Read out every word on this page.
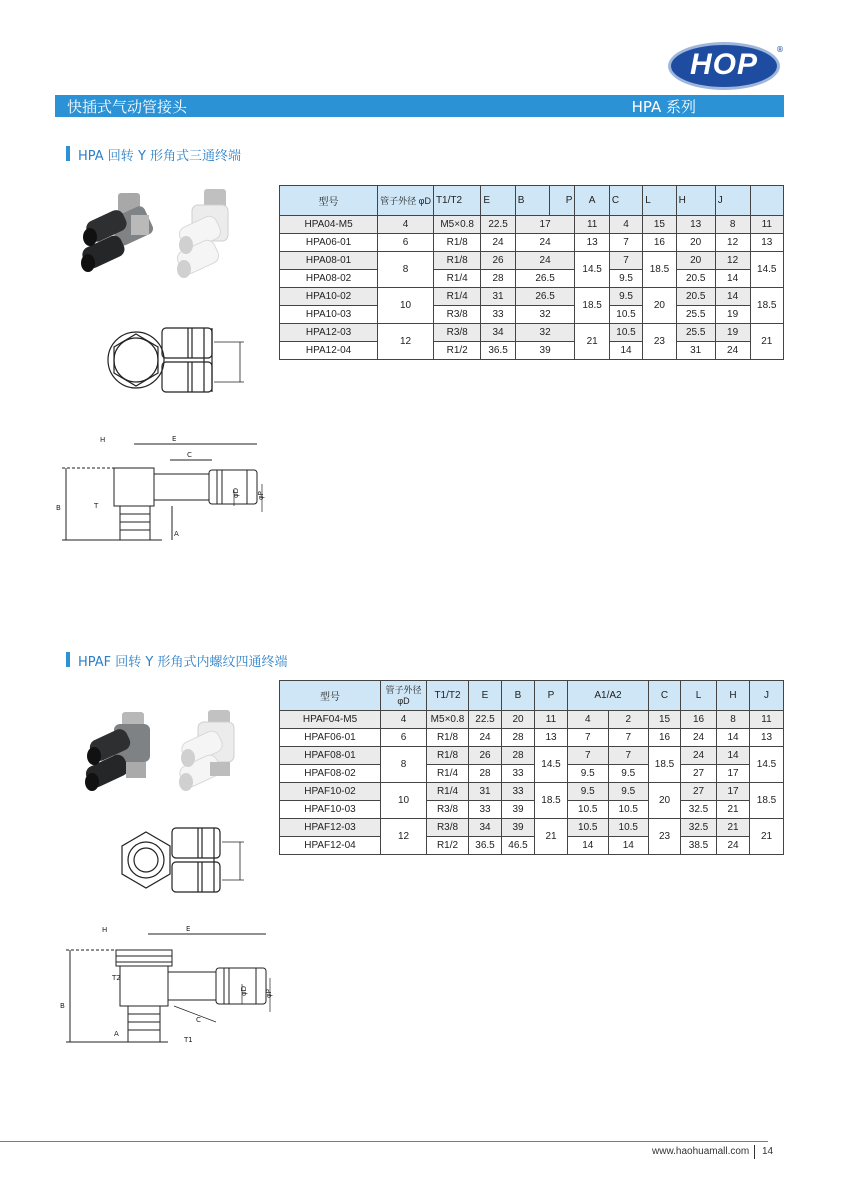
HOP	®
快插式气动管接头	HPA 系列
HPA 回转 Y 形角式三通终端
H	E
C
B	T
A
φD φP
型号	管子外径 φD	T1/T2	E	B	P	A	C	L	H	J	
HPA04-M5	4	M5×0.8	22.5	17		11	4	15	13	8	11
HPA06-01	6	R1/8	24	24		13	7	16	20	12	13
HPA08-01	8	R1/8	26	24		14.5	7	18.5	20	12	14.5
HPA08-02		R1/4	28	26.5			9.5		20.5	14	
HPA10-02	10	R1/4	31	26.5		18.5	9.5	20	20.5	14	18.5
HPA10-03		R3/8	33	32			10.5		25.5	19	
HPA12-03	12	R3/8	34	32		21	10.5	23	25.5	19	21
HPA12-04		R1/2	36.5	39			14		31	24	
HPAF 回转 Y 形角式内螺纹四通终端
H	E
T2
B
C
A
T1
φD φP
型号	管子外径 φD	T1/T2	E	B	P	A1/A2		C	L	H	J
HPAF04-M5	4	M5×0.8	22.5	20	11	4	2	15	16	8	11
HPAF06-01	6	R1/8	24	28	13	7	7	16	24	14	13
HPAF08-01	8	R1/8	26	28	14.5	7	7	18.5	24	14	14.5
HPAF08-02		R1/4	28	33		9.5	9.5		27	17	
HPAF10-02	10	R1/4	31	33	18.5	9.5	9.5	20	27	17	18.5
HPAF10-03		R3/8	33	39		10.5	10.5		32.5	21	
HPAF12-03	12	R3/8	34	39	21	10.5	10.5	23	32.5	21	21
HPAF12-04		R1/2	36.5	46.5		14	14		38.5	24	
www.haohuamall.com 14
